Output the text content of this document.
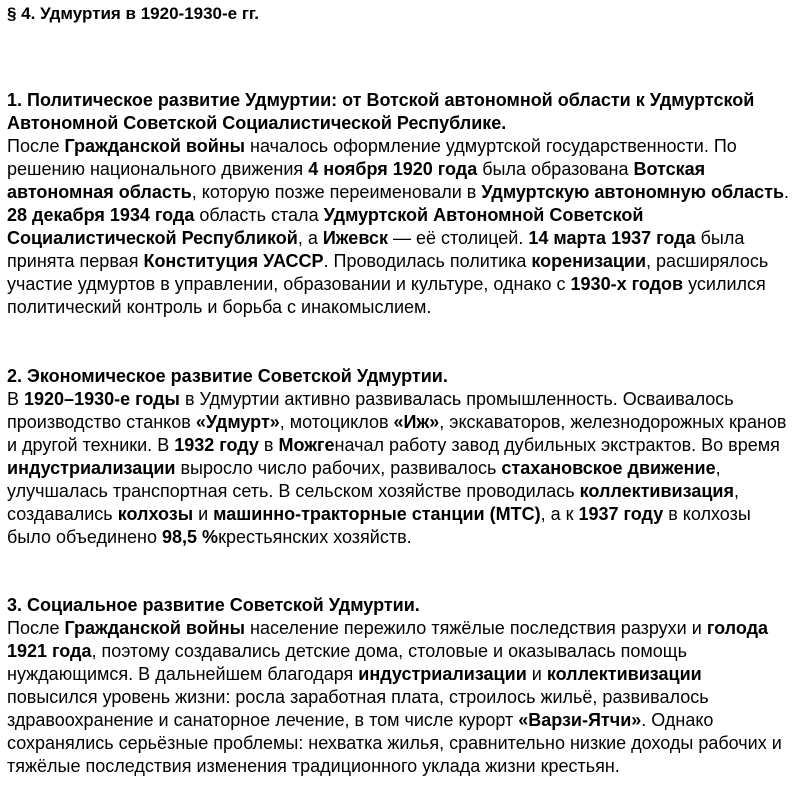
§ 4. Удмуртия в 1920-1930-е гг.

1. Политическое развитие Удмуртии: от Вотской автономной области к Удмуртской Автономной Советской Социалистической Республике.

После Гражданской войны началось оформление удмуртской государственности. По решению национального движения 4 ноября 1920 года была образована Вотская автономная область, которую позже переименовали в Удмуртскую автономную область. 28 декабря 1934 года область стала Удмуртской Автономной Советской Социалистической Республикой, а Ижевск — её столицей. 14 марта 1937 года была принята первая Конституция УАССР. Проводилась политика коренизации, расширялось участие удмуртов в управлении, образовании и культуре, однако с 1930-х годов усилился политический контроль и борьба с инакомыслием.

2. Экономическое развитие Советской Удмуртии.

В 1920–1930-е годы в Удмуртии активно развивалась промышленность. Осваивалось производство станков «Удмурт», мотоциклов «Иж», экскаваторов, железнодорожных кранов и другой техники. В 1932 году в Можгеначал работу завод дубильных экстрактов. Во время индустриализации выросло число рабочих, развивалось стахановское движение, улучшалась транспортная сеть. В сельском хозяйстве проводилась коллективизация, создавались колхозы и машинно-тракторные станции (МТС), а к 1937 году в колхозы было объединено 98,5 %крестьянских хозяйств.

3. Социальное развитие Советской Удмуртии.

После Гражданской войны население пережило тяжёлые последствия разрухи и голода 1921 года, поэтому создавались детские дома, столовые и оказывалась помощь нуждающимся. В дальнейшем благодаря индустриализации и коллективизации повысился уровень жизни: росла заработная плата, строилось жильё, развивалось здравоохранение и санаторное лечение, в том числе курорт «Варзи-Ятчи». Однако сохранялись серьёзные проблемы: нехватка жилья, сравнительно низкие доходы рабочих и тяжёлые последствия изменения традиционного уклада жизни крестьян.
